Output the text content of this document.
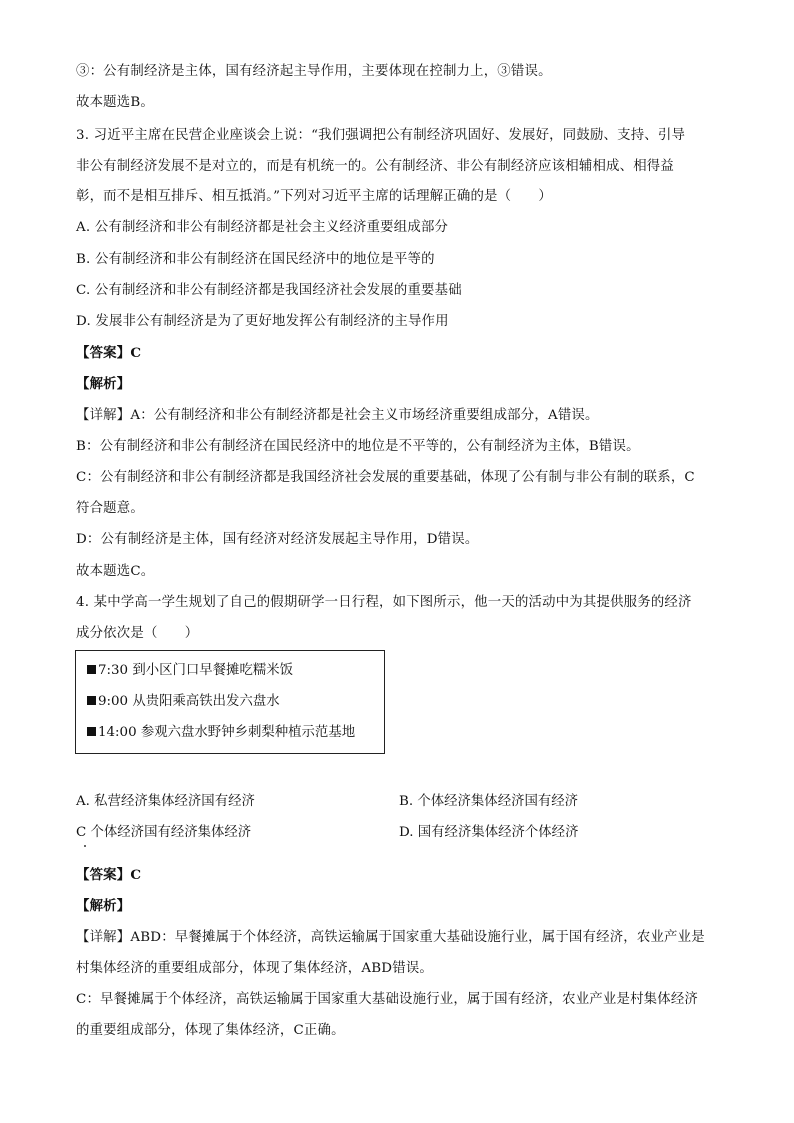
③：公有制经济是主体，国有经济起主导作用，主要体现在控制力上，③错误。
故本题选B。
3. 习近平主席在民营企业座谈会上说：“我们强调把公有制经济巩固好、发展好，同鼓励、支持、引导
非公有制经济发展不是对立的，而是有机统一的。公有制经济、非公有制经济应该相辅相成、相得益
彰，而不是相互排斥、相互抵消。”下列对习近平主席的话理解正确的是（　　）
A. 公有制经济和非公有制经济都是社会主义经济重要组成部分
B. 公有制经济和非公有制经济在国民经济中的地位是平等的
C. 公有制经济和非公有制经济都是我国经济社会发展的重要基础
D. 发展非公有制经济是为了更好地发挥公有制经济的主导作用
【答案】C
【解析】
【详解】A：公有制经济和非公有制经济都是社会主义市场经济重要组成部分，A错误。
B：公有制经济和非公有制经济在国民经济中的地位是不平等的，公有制经济为主体，B错误。
C：公有制经济和非公有制经济都是我国经济社会发展的重要基础，体现了公有制与非公有制的联系，C
符合题意。
D：公有制经济是主体，国有经济对经济发展起主导作用，D错误。
故本题选C。
4. 某中学高一学生规划了自己的假期研学一日行程，如下图所示，他一天的活动中为其提供服务的经济
成分依次是（　　）
7:30 到小区门口早餐摊吃糯米饭
9:00 从贵阳乘高铁出发六盘水
14:00 参观六盘水野钟乡刺梨种植示范基地
A. 私营经济集体经济国有经济	B. 个体经济集体经济国有经济
C 个体经济国有经济集体经济	D. 国有经济集体经济个体经济
【答案】C
【解析】
【详解】ABD：早餐摊属于个体经济，高铁运输属于国家重大基础设施行业，属于国有经济，农业产业是
村集体经济的重要组成部分，体现了集体经济，ABD错误。
C：早餐摊属于个体经济，高铁运输属于国家重大基础设施行业，属于国有经济，农业产业是村集体经济
的重要组成部分，体现了集体经济，C正确。
